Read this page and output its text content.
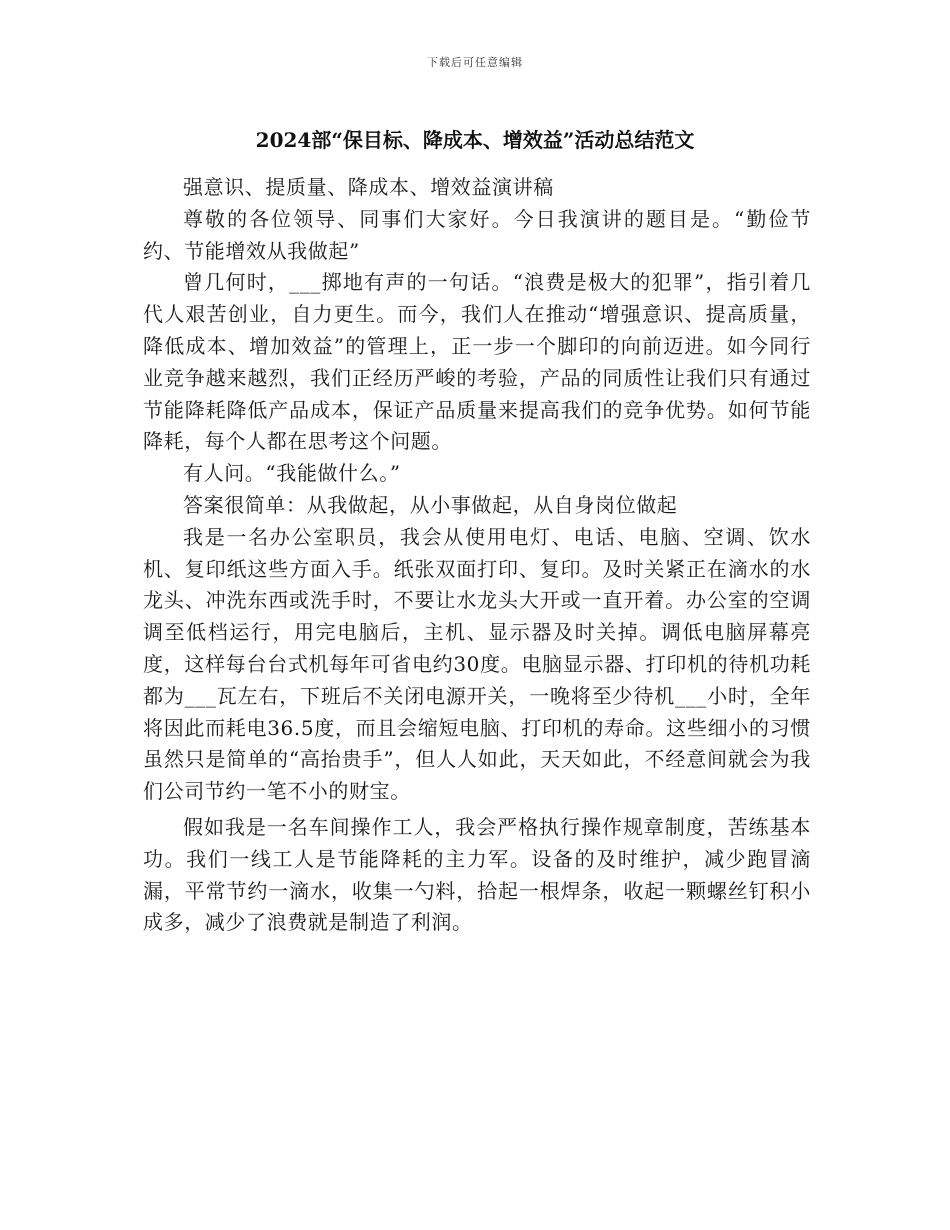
下载后可任意编辑
2024部“保目标、降成本、增效益”活动总结范文

强意识、提质量、降成本、增效益演讲稿

尊敬的各位领导、同事们大家好。今日我演讲的题目是。“勤俭节约、节能增效从我做起”

曾几何时，___掷地有声的一句话。“浪费是极大的犯罪”，指引着几代人艰苦创业，自力更生。而今，我们人在推动“增强意识、提高质量，降低成本、增加效益”的管理上，正一步一个脚印的向前迈进。如今同行业竞争越来越烈，我们正经历严峻的考验，产品的同质性让我们只有通过节能降耗降低产品成本，保证产品质量来提高我们的竞争优势。如何节能降耗，每个人都在思考这个问题。

有人问。“我能做什么。”

答案很简单：从我做起，从小事做起，从自身岗位做起

我是一名办公室职员，我会从使用电灯、电话、电脑、空调、饮水机、复印纸这些方面入手。纸张双面打印、复印。及时关紧正在滴水的水龙头、冲洗东西或洗手时，不要让水龙头大开或一直开着。办公室的空调调至低档运行，用完电脑后，主机、显示器及时关掉。调低电脑屏幕亮度，这样每台台式机每年可省电约30度。电脑显示器、打印机的待机功耗都为___瓦左右，下班后不关闭电源开关，一晚将至少待机___小时，全年将因此而耗电36.5度，而且会缩短电脑、打印机的寿命。这些细小的习惯虽然只是简单的“高抬贵手”，但人人如此，天天如此，不经意间就会为我们公司节约一笔不小的财宝。

假如我是一名车间操作工人，我会严格执行操作规章制度，苦练基本功。我们一线工人是节能降耗的主力军。设备的及时维护，减少跑冒滴漏，平常节约一滴水，收集一勺料，拾起一根焊条，收起一颗螺丝钉积小成多，减少了浪费就是制造了利润。
